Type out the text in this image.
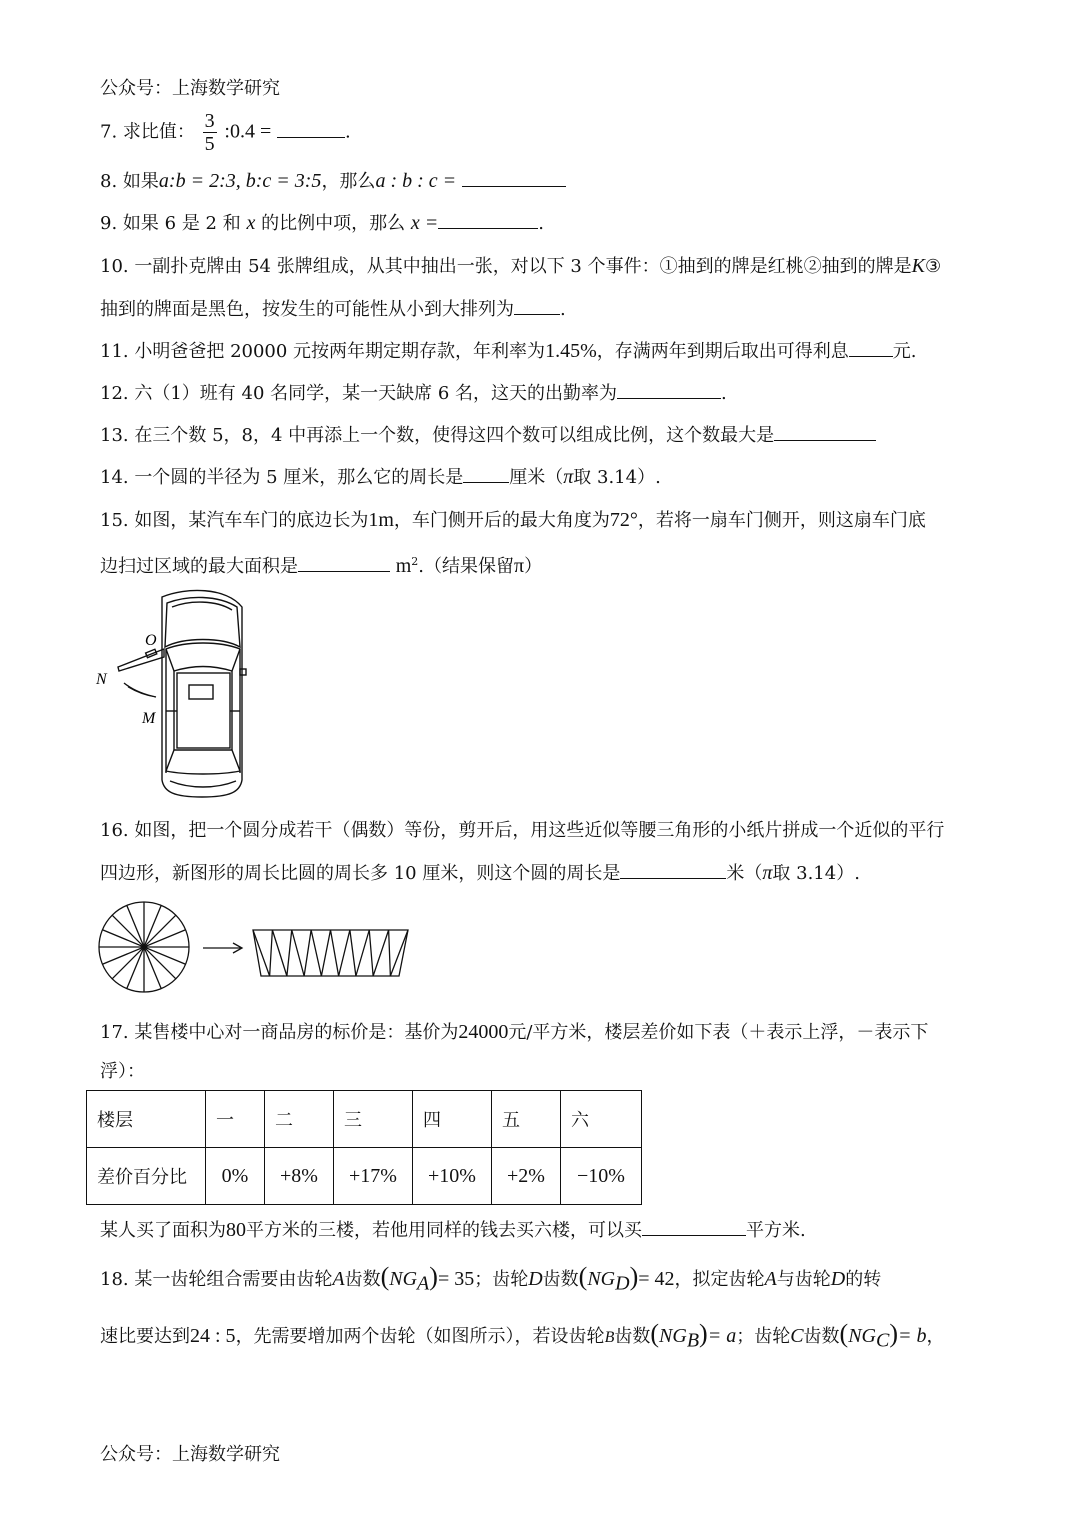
公众号：上海数学研究
7. 求比值： $\frac{3}{5}$ :0.4 =	.
8. 如果a:b = 2:3, b:c = 3:5，那么a : b : c =
9. 如果 6 是 2 和 x 的比例中项，那么 x =	.
10. 一副扑克牌由 54 张牌组成，从其中抽出一张，对以下 3 个事件：①抽到的牌是红桃②抽到的牌是K③
抽到的牌面是黑色，按发生的可能性从小到大排列为	.
11. 小明爸爸把 20000 元按两年期定期存款，年利率为1.45%，存满两年到期后取出可得利息 元.
12. 六（1）班有 40 名同学，某一天缺席 6 名，这天的出勤率为	.
13. 在三个数 5，8，4 中再添上一个数，使得这四个数可以组成比例，这个数最大是
14. 一个圆的半径为 5 厘米，那么它的周长是	厘米（π取 3.14）.
15. 如图，某汽车车门的底边长为1m，车门侧开后的最大角度为72°，若将一扇车门侧开，则这扇车门底
边扫过区域的最大面积是	$m^2$.（结果保留π）
O
N
M
16. 如图，把一个圆分成若干（偶数）等份，剪开后，用这些近似等腰三角形的小纸片拼成一个近似的平行
四边形，新图形的周长比圆的周长多 10 厘米，则这个圆的周长是	米（π取 3.14）.
17. 某售楼中心对一商品房的标价是：基价为24000元/平方米，楼层差价如下表（＋表示上浮，－表示下
浮）：
楼层	一	二	三	四	五	六
差价百分比	0%	+8%	+17%	+10%	+2%	−10%
某人买了面积为80平方米的三楼，若他用同样的钱去买六楼，可以买	平方米.
18. 某一齿轮组合需要由齿轮A齿数$(NG_A)= 35$；齿轮D齿数$(NG_D)= 42$，拟定齿轮A与齿轮D的转
速比要达到24 : 5，先需要增加两个齿轮（如图所示），若设齿轮B齿数$(NG_B)= a$；齿轮C齿数$(NG_C)= b$，
公众号：上海数学研究
